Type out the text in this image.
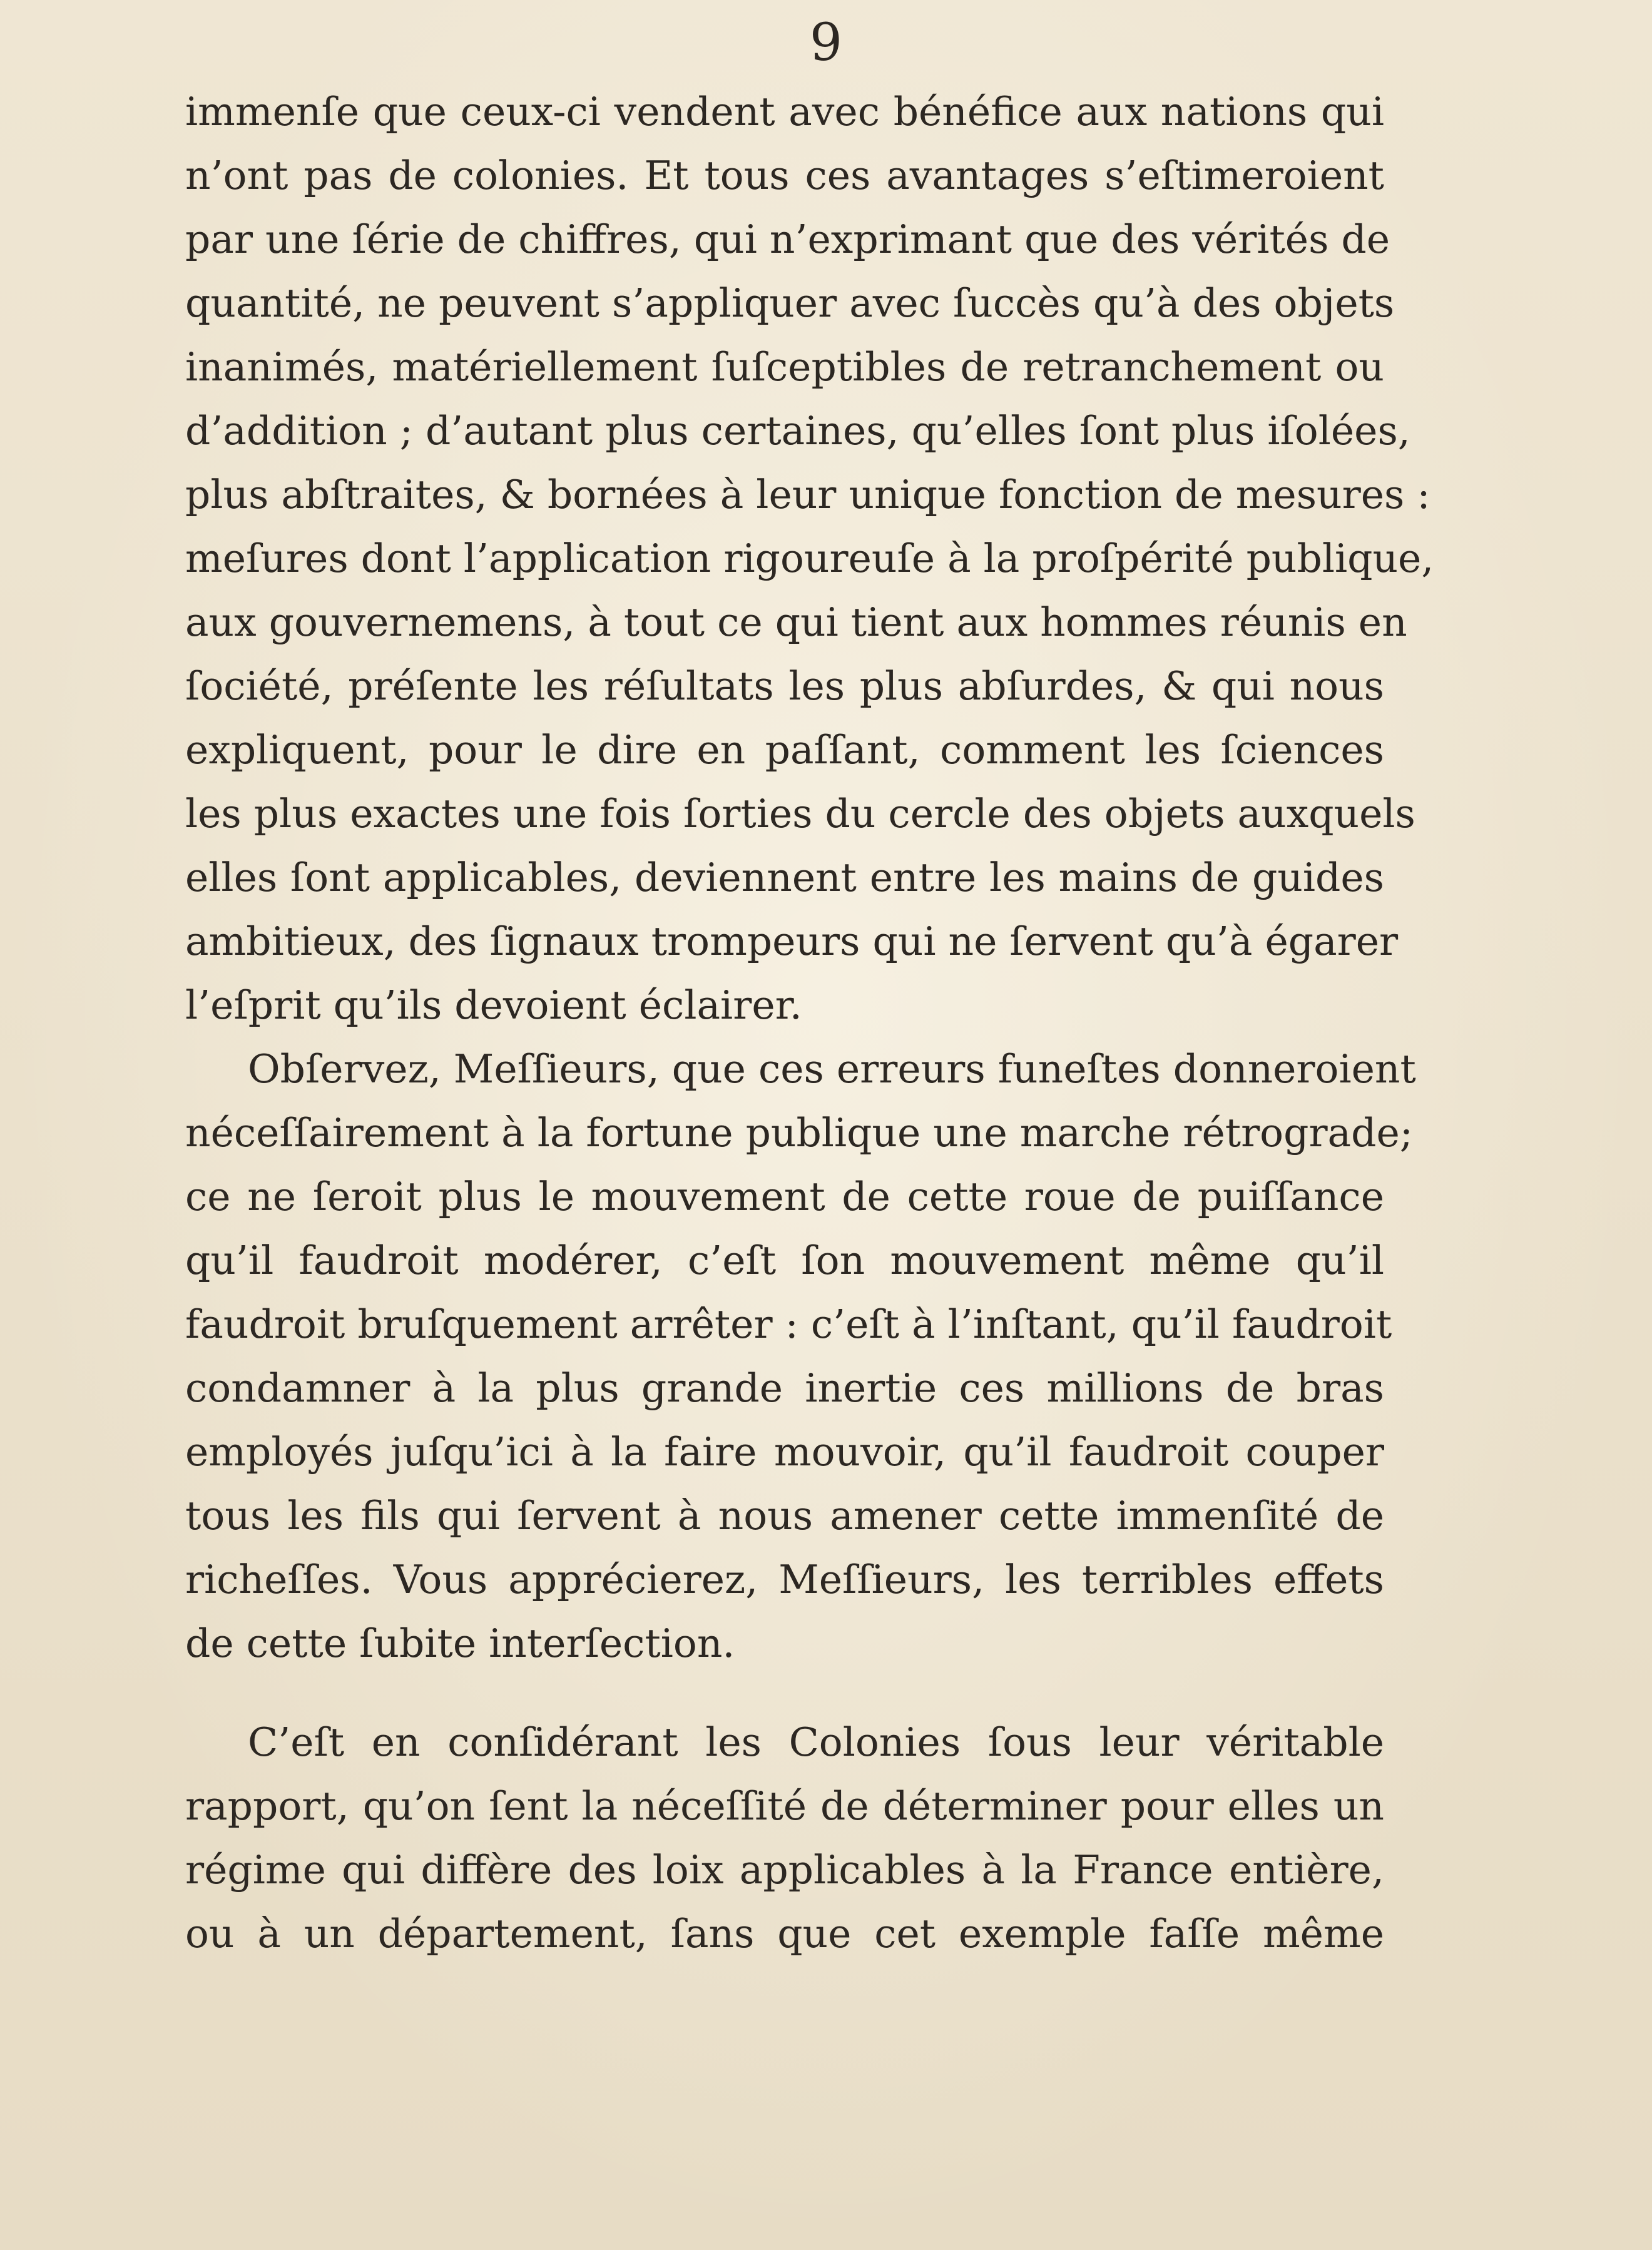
9
immenſe que ceux-ci vendent avec bénéfice aux nations qui
n’ont pas de colonies. Et tous ces avantages s’eſtimeroient
par une ſérie de chiffres, qui n’exprimant que des vérités de
quantité, ne peuvent s’appliquer avec ſuccès qu’à des objets
inanimés, matériellement ſuſceptibles de retranchement ou
d’addition ; d’autant plus certaines, qu’elles ſont plus iſolées,
plus abſtraites, & bornées à leur unique fonction de mesures :
meſures dont l’application rigoureuſe à la proſpérité publique,
aux gouvernemens, à tout ce qui tient aux hommes réunis en
ſociété, préſente les réſultats les plus abſurdes, & qui nous
expliquent, pour le dire en paſſant, comment les ſciences
les plus exactes une fois ſorties du cercle des objets auxquels
elles ſont applicables, deviennent entre les mains de guides
ambitieux, des ſignaux trompeurs qui ne ſervent qu’à égarer
l’eſprit qu’ils devoient éclairer.
Obſervez, Meſſieurs, que ces erreurs funeſtes donneroient
néceſſairement à la fortune publique une marche rétrograde;
ce ne ſeroit plus le mouvement de cette roue de puiſſance
qu’il faudroit modérer, c’eſt ſon mouvement même qu’il
faudroit bruſquement arrêter : c’eſt à l’inſtant, qu’il faudroit
condamner à la plus grande inertie ces millions de bras
employés juſqu’ici à la faire mouvoir, qu’il faudroit couper
tous les fils qui ſervent à nous amener cette immenſité de
richeſſes. Vous apprécierez, Meſſieurs, les terribles effets
de cette ſubite interſection.
C’eſt en conſidérant les Colonies ſous leur véritable
rapport, qu’on ſent la néceſſité de déterminer pour elles un
régime qui diffère des loix applicables à la France entière,
ou à un département, ſans que cet exemple faſſe même
